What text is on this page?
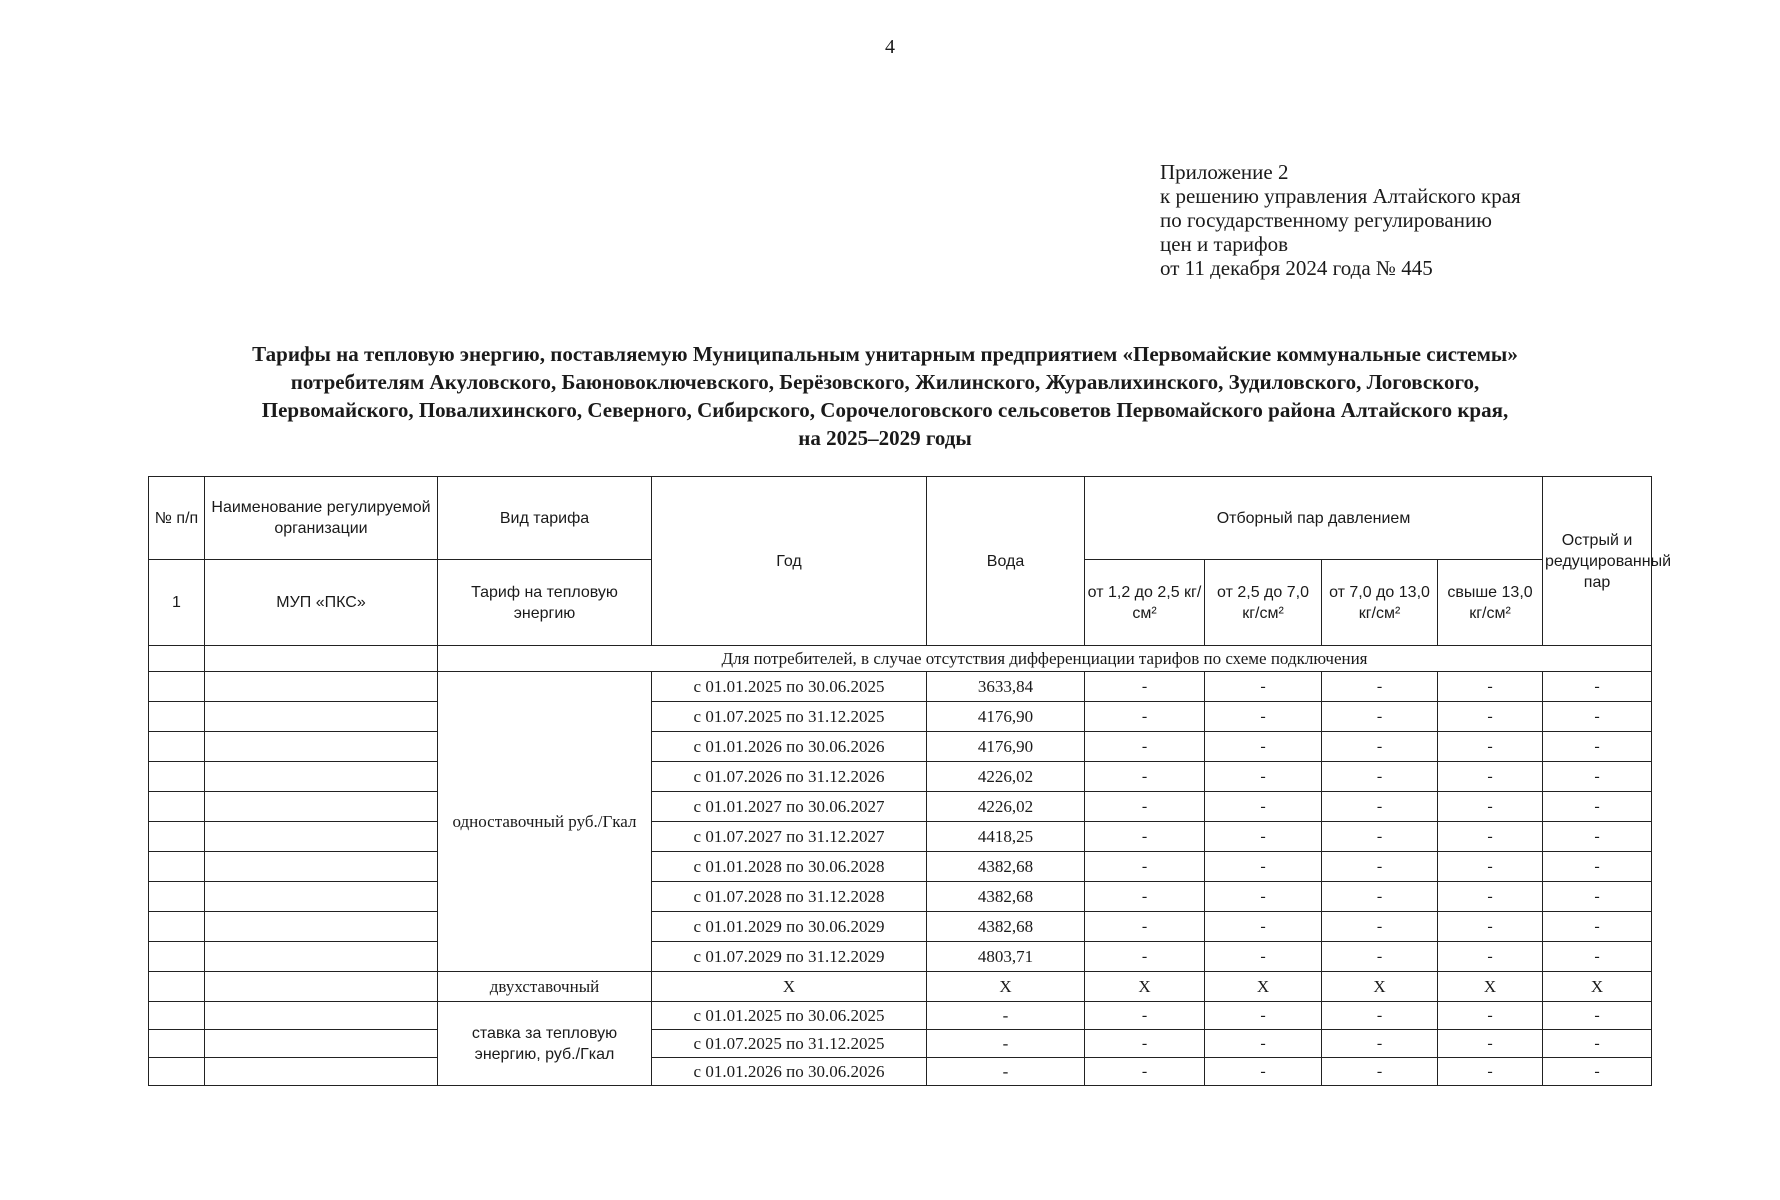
4
Приложение 2
к решению управления Алтайского края
по государственному регулированию
цен и тарифов
от 11 декабря 2024 года № 445
Тарифы на тепловую энергию, поставляемую Муниципальным унитарным предприятием «Первомайские коммунальные системы»
потребителям Акуловского, Баюновоключевского, Берёзовского, Жилинского, Журавлихинского, Зудиловского, Логовского,
Первомайского, Повалихинского, Северного, Сибирского, Сорочелоговского сельсоветов Первомайского района Алтайского края,
на 2025–2029 годы
№ п/п	Наименование регулируемой организации	Вид тарифа	Год	Вода	Отборный пар давлением				Острый и редуцированный пар
1	МУП «ПКС»	Тариф на тепловую энергию			от 1,2 до 2,5 кг/см²	от 2,5 до 7,0 кг/см²	от 7,0 до 13,0 кг/см²	свыше 13,0 кг/см²	
		Для потребителей, в случае отсутствия дифференциации тарифов по схеме подключения							
		одноставочный руб./Гкал	с 01.01.2025 по 30.06.2025	3633,84	-	-	-	-	-
			с 01.07.2025 по 31.12.2025	4176,90	-	-	-	-	-
			с 01.01.2026 по 30.06.2026	4176,90	-	-	-	-	-
			с 01.07.2026 по 31.12.2026	4226,02	-	-	-	-	-
			с 01.01.2027 по 30.06.2027	4226,02	-	-	-	-	-
			с 01.07.2027 по 31.12.2027	4418,25	-	-	-	-	-
			с 01.01.2028 по 30.06.2028	4382,68	-	-	-	-	-
			с 01.07.2028 по 31.12.2028	4382,68	-	-	-	-	-
			с 01.01.2029 по 30.06.2029	4382,68	-	-	-	-	-
			с 01.07.2029 по 31.12.2029	4803,71	-	-	-	-	-
		двухставочный	X	X	X	X	X	X	X
		ставка за тепловую энергию, руб./Гкал	с 01.01.2025 по 30.06.2025	-	-	-	-	-	-
			с 01.07.2025 по 31.12.2025	-	-	-	-	-	-
			с 01.01.2026 по 30.06.2026	-	-	-	-	-	-
